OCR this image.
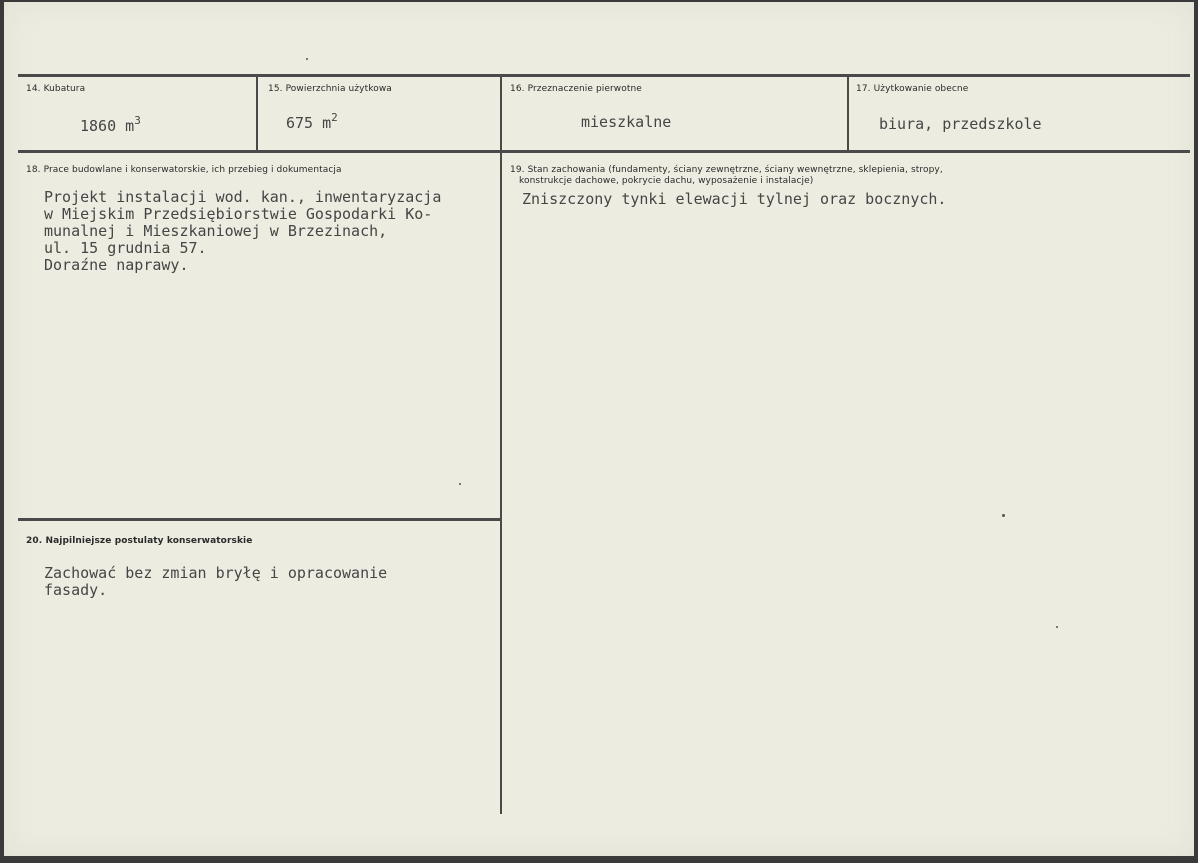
14. Kubatura
1860 $m^3$
15. Powierzchnia użytkowa
675 $m^2$
16. Przeznaczenie pierwotne
mieszkalne
17. Użytkowanie obecne
biura, przedszkole
18. Prace budowlane i konserwatorskie, ich przebieg i dokumentacja
Projekt instalacji wod. kan., inwentaryzacja
w Miejskim Przedsiębiorstwie Gospodarki Ko-
munalnej i Mieszkaniowej w Brzezinach,
ul. 15 grudnia 57.
Doraźne naprawy.
19. Stan zachowania (fundamenty, ściany zewnętrzne, ściany wewnętrzne, sklepienia, stropy,
konstrukcje dachowe, pokrycie dachu, wyposażenie i instalacje)
Zniszczony tynki elewacji tylnej oraz bocznych.
20. Najpilniejsze postulaty konserwatorskie
Zachować bez zmian bryłę i opracowanie
fasady.
